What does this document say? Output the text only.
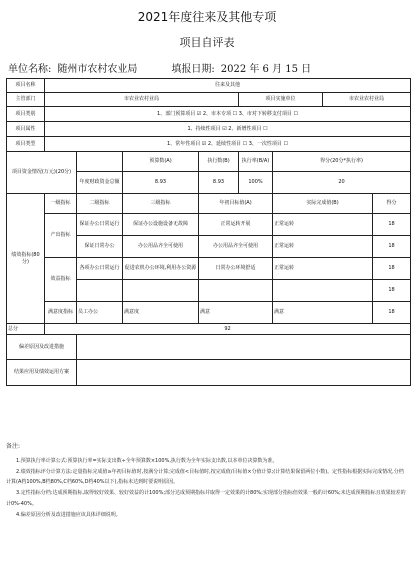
2021年度往来及其他专项
项目自评表
单位名称: 随州市农村农业局	填报日期: 2022 年 6 月 15 日
项目名称	往来及其他							
主管部门	市农业农村业局				项目实施单位		市农业农村业局	
项目类别	1、部门预算项目 ☑ 2、市本专项 ☐ 3、市对下转移支付项目 ☐							
项目属性	1、持续性项目 ☑ 2、新增性项目 ☐							
项目类型	1、常年性项目 ☑ 2、延续性项目 ☐ 3、一次性项目 ☐							
项目资金情况(万元)(20分)			预算数(A)	执行数(B)	执行率(B/A)	得分(20分*执行率)		
		年度财政资金总额	8.93	8.93	100%	20		
绩效指标(80分)	一级指标	二级指标	三级指标	年初目标值(A)		实际完成值(B)		得分
	产出指标	保证办公日常运行	保证办公设施设备无故障	正常运转开展		正常运转		18
		保证日常办公	办公用品齐全可使用	办公用品齐全可使用		正常运转		18
	效益指标	各项办公日常运行	促进农机办公环境,利用办公资源	日常办公环境舒适		正常运转		18
								18
	满意度指标	员工办公	满意度	满意		满意		18
总分	92							
偏差原因及改进措施								
结果应用及绩效运用方案								

备注:

1.预算执行率计算公式:预算执行率=实际支出数÷全年预算数×100%,执行数为全年实际支出数,以本单位决算数为准。

2.绩效指标评分计算方法:定量指标完成值≥年初目标值时,按满分计算;完成值<目标值时,按完成值/目标值×分值计算;(计算结果保留两位小数)。定性指标根据实际完成情况,分档计算(A档100%,B档80%,C档60%,D档40%以下),指标未达到时要说明原因。

3.定性指标分档:达成预期指标,取得较好效果、较好效益的计100%;部分达成预期指标并取得一定效果的计80%;实现部分指标但效果一般的计60%;未达成预期指标且效果较差的计0%-40%。

4.偏差原因分析及改进措施应该具体详细说明。
